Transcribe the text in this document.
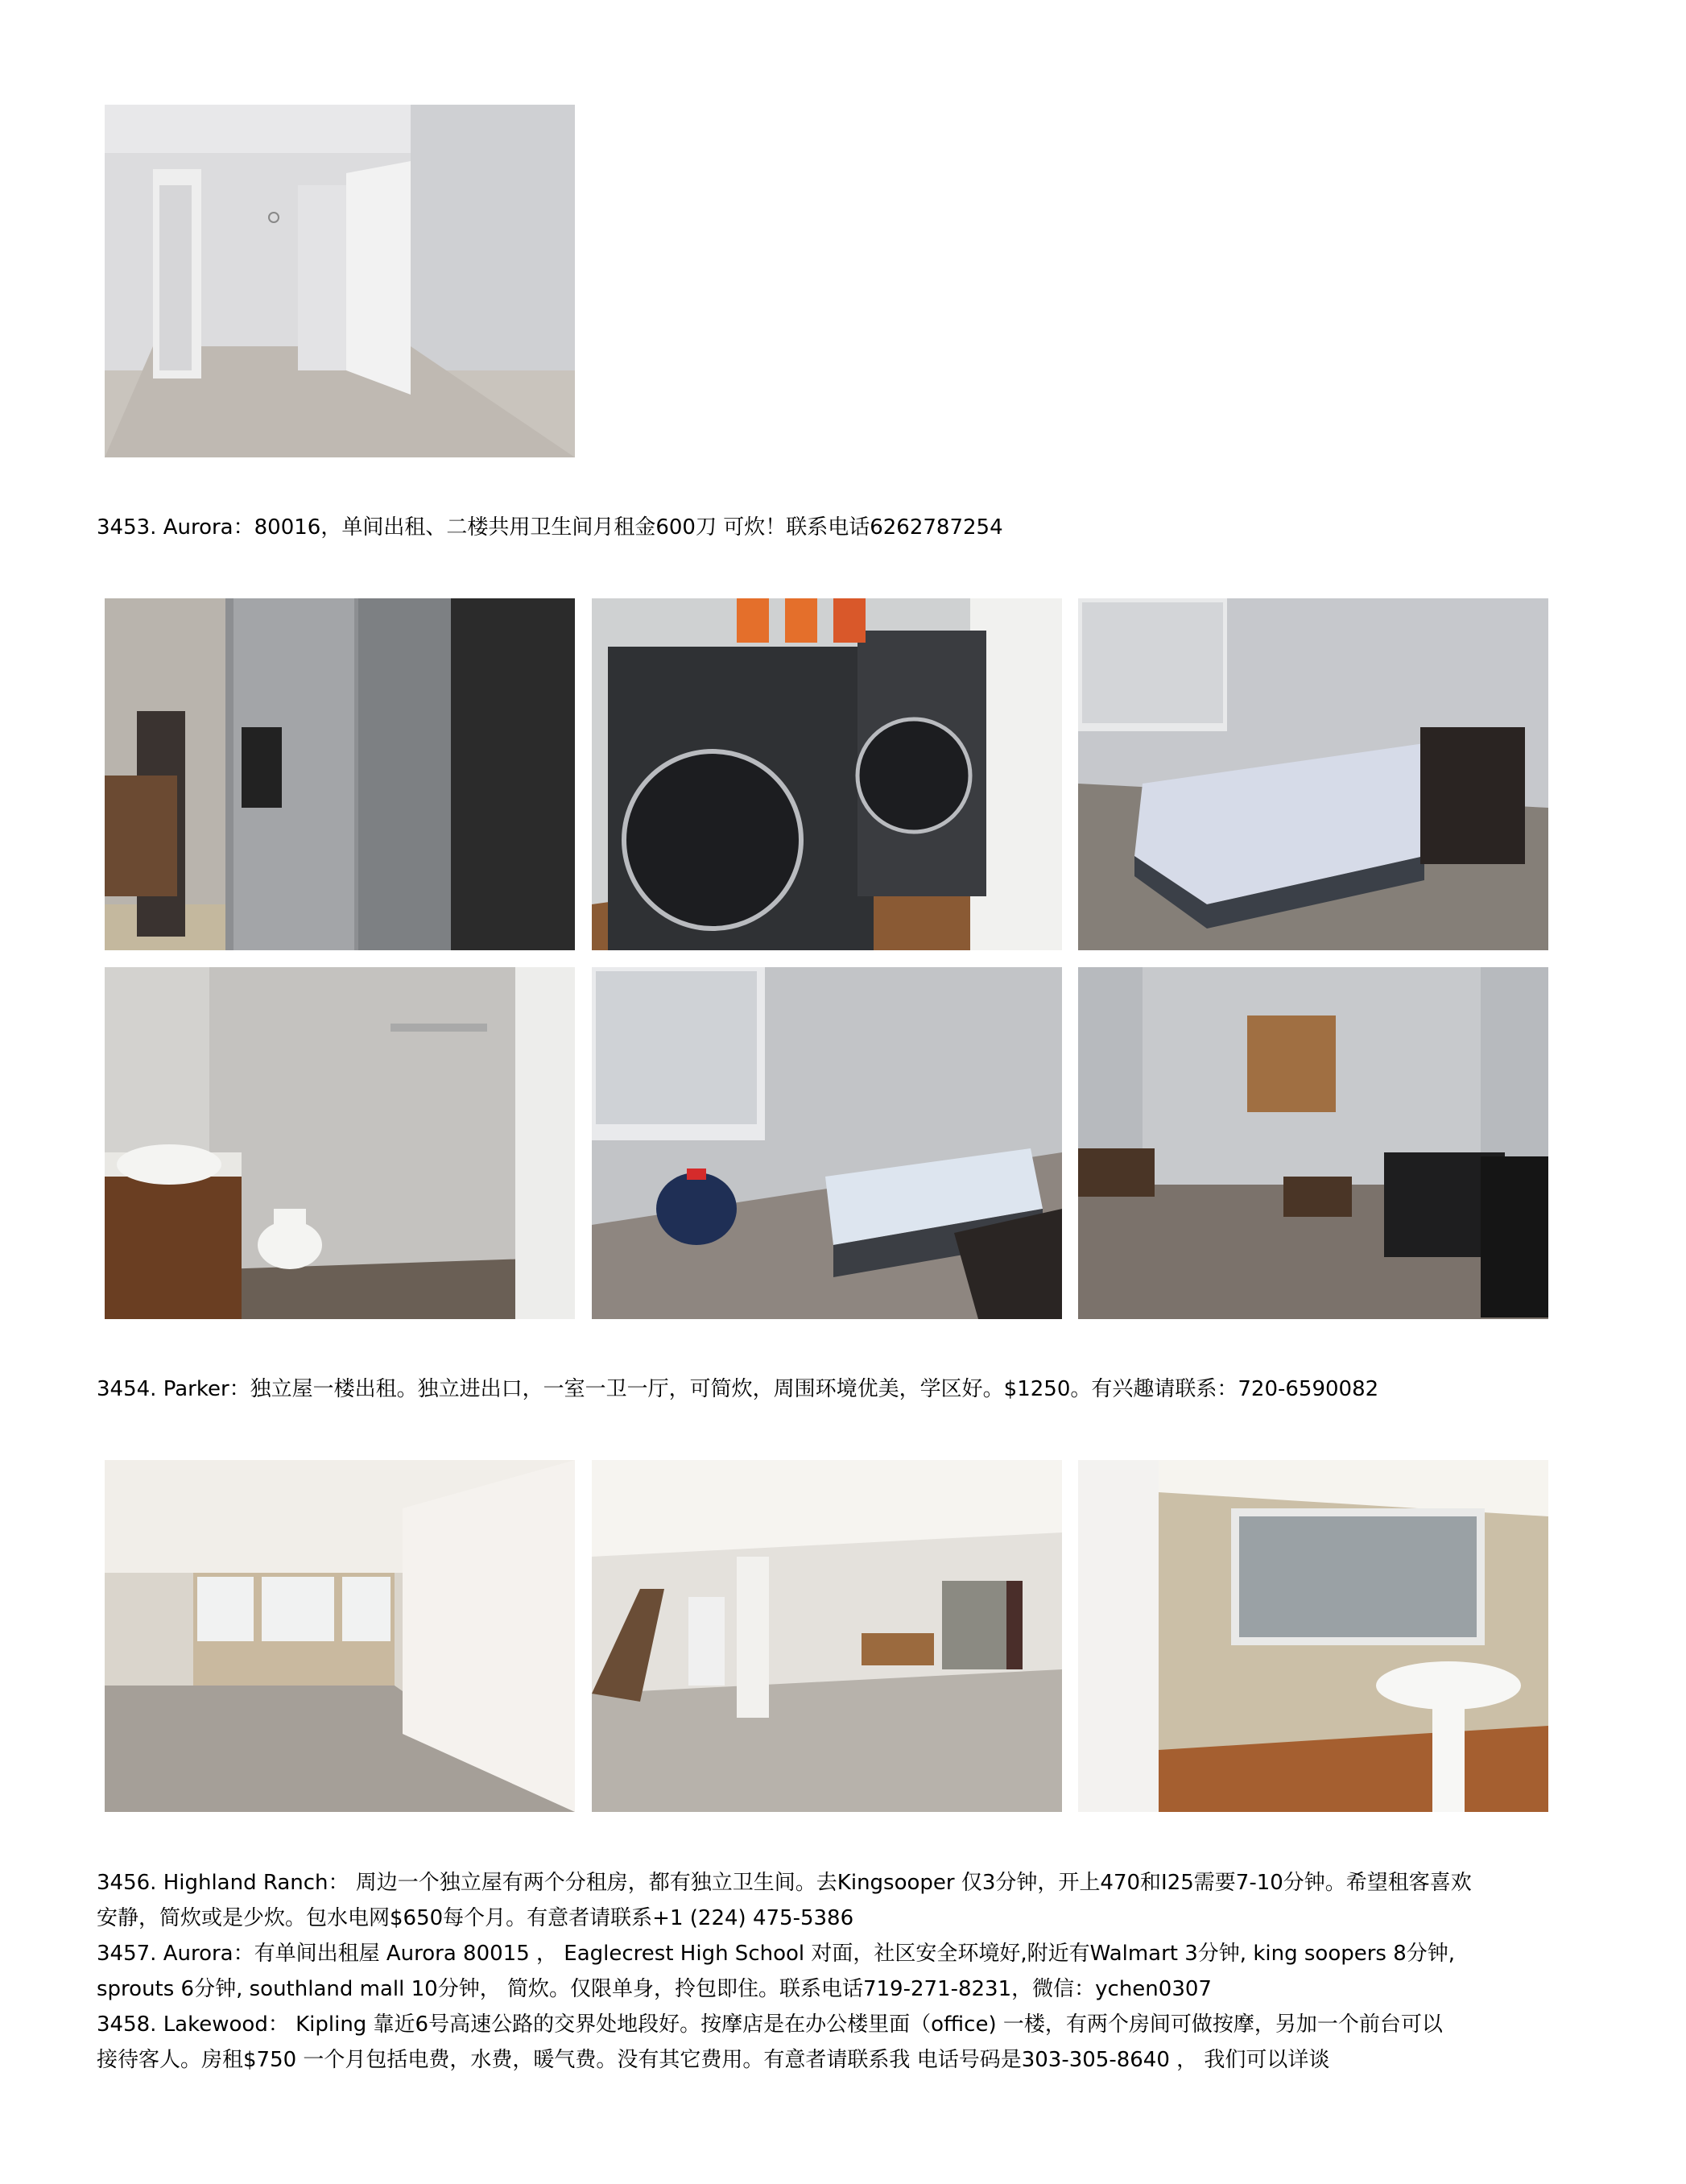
3453. Aurora：80016，单间出租、二楼共用卫生间月租金600刀 可炊！联系电话6262787254
3454. Parker：独立屋一楼出租。独立进出口，一室一卫一厅，可简炊，周围环境优美，学区好。$1250。有兴趣请联系：720-6590082
3456. Highland Ranch： 周边一个独立屋有两个分租房，都有独立卫生间。去Kingsooper 仅3分钟，开上470和I25需要7-10分钟。希望租客喜欢
安静，简炊或是少炊。包水电网$650每个月。有意者请联系+1 (224) 475-5386
3457. Aurora：有单间出租屋 Aurora 80015 ， Eaglecrest High School 对面，社区安全环境好,附近有Walmart 3分钟, king soopers 8分钟,
sprouts 6分钟, southland mall 10分钟， 简炊。仅限单身，拎包即住。联系电话719-271-8231，微信：ychen0307
3458. Lakewood： Kipling 靠近6号高速公路的交界处地段好。按摩店是在办公楼里面（office) 一楼，有两个房间可做按摩，另加一个前台可以
接待客人。房租$750 一个月包括电费，水费，暖气费。没有其它费用。有意者请联系我 电话号码是303-305-8640 ， 我们可以详谈
